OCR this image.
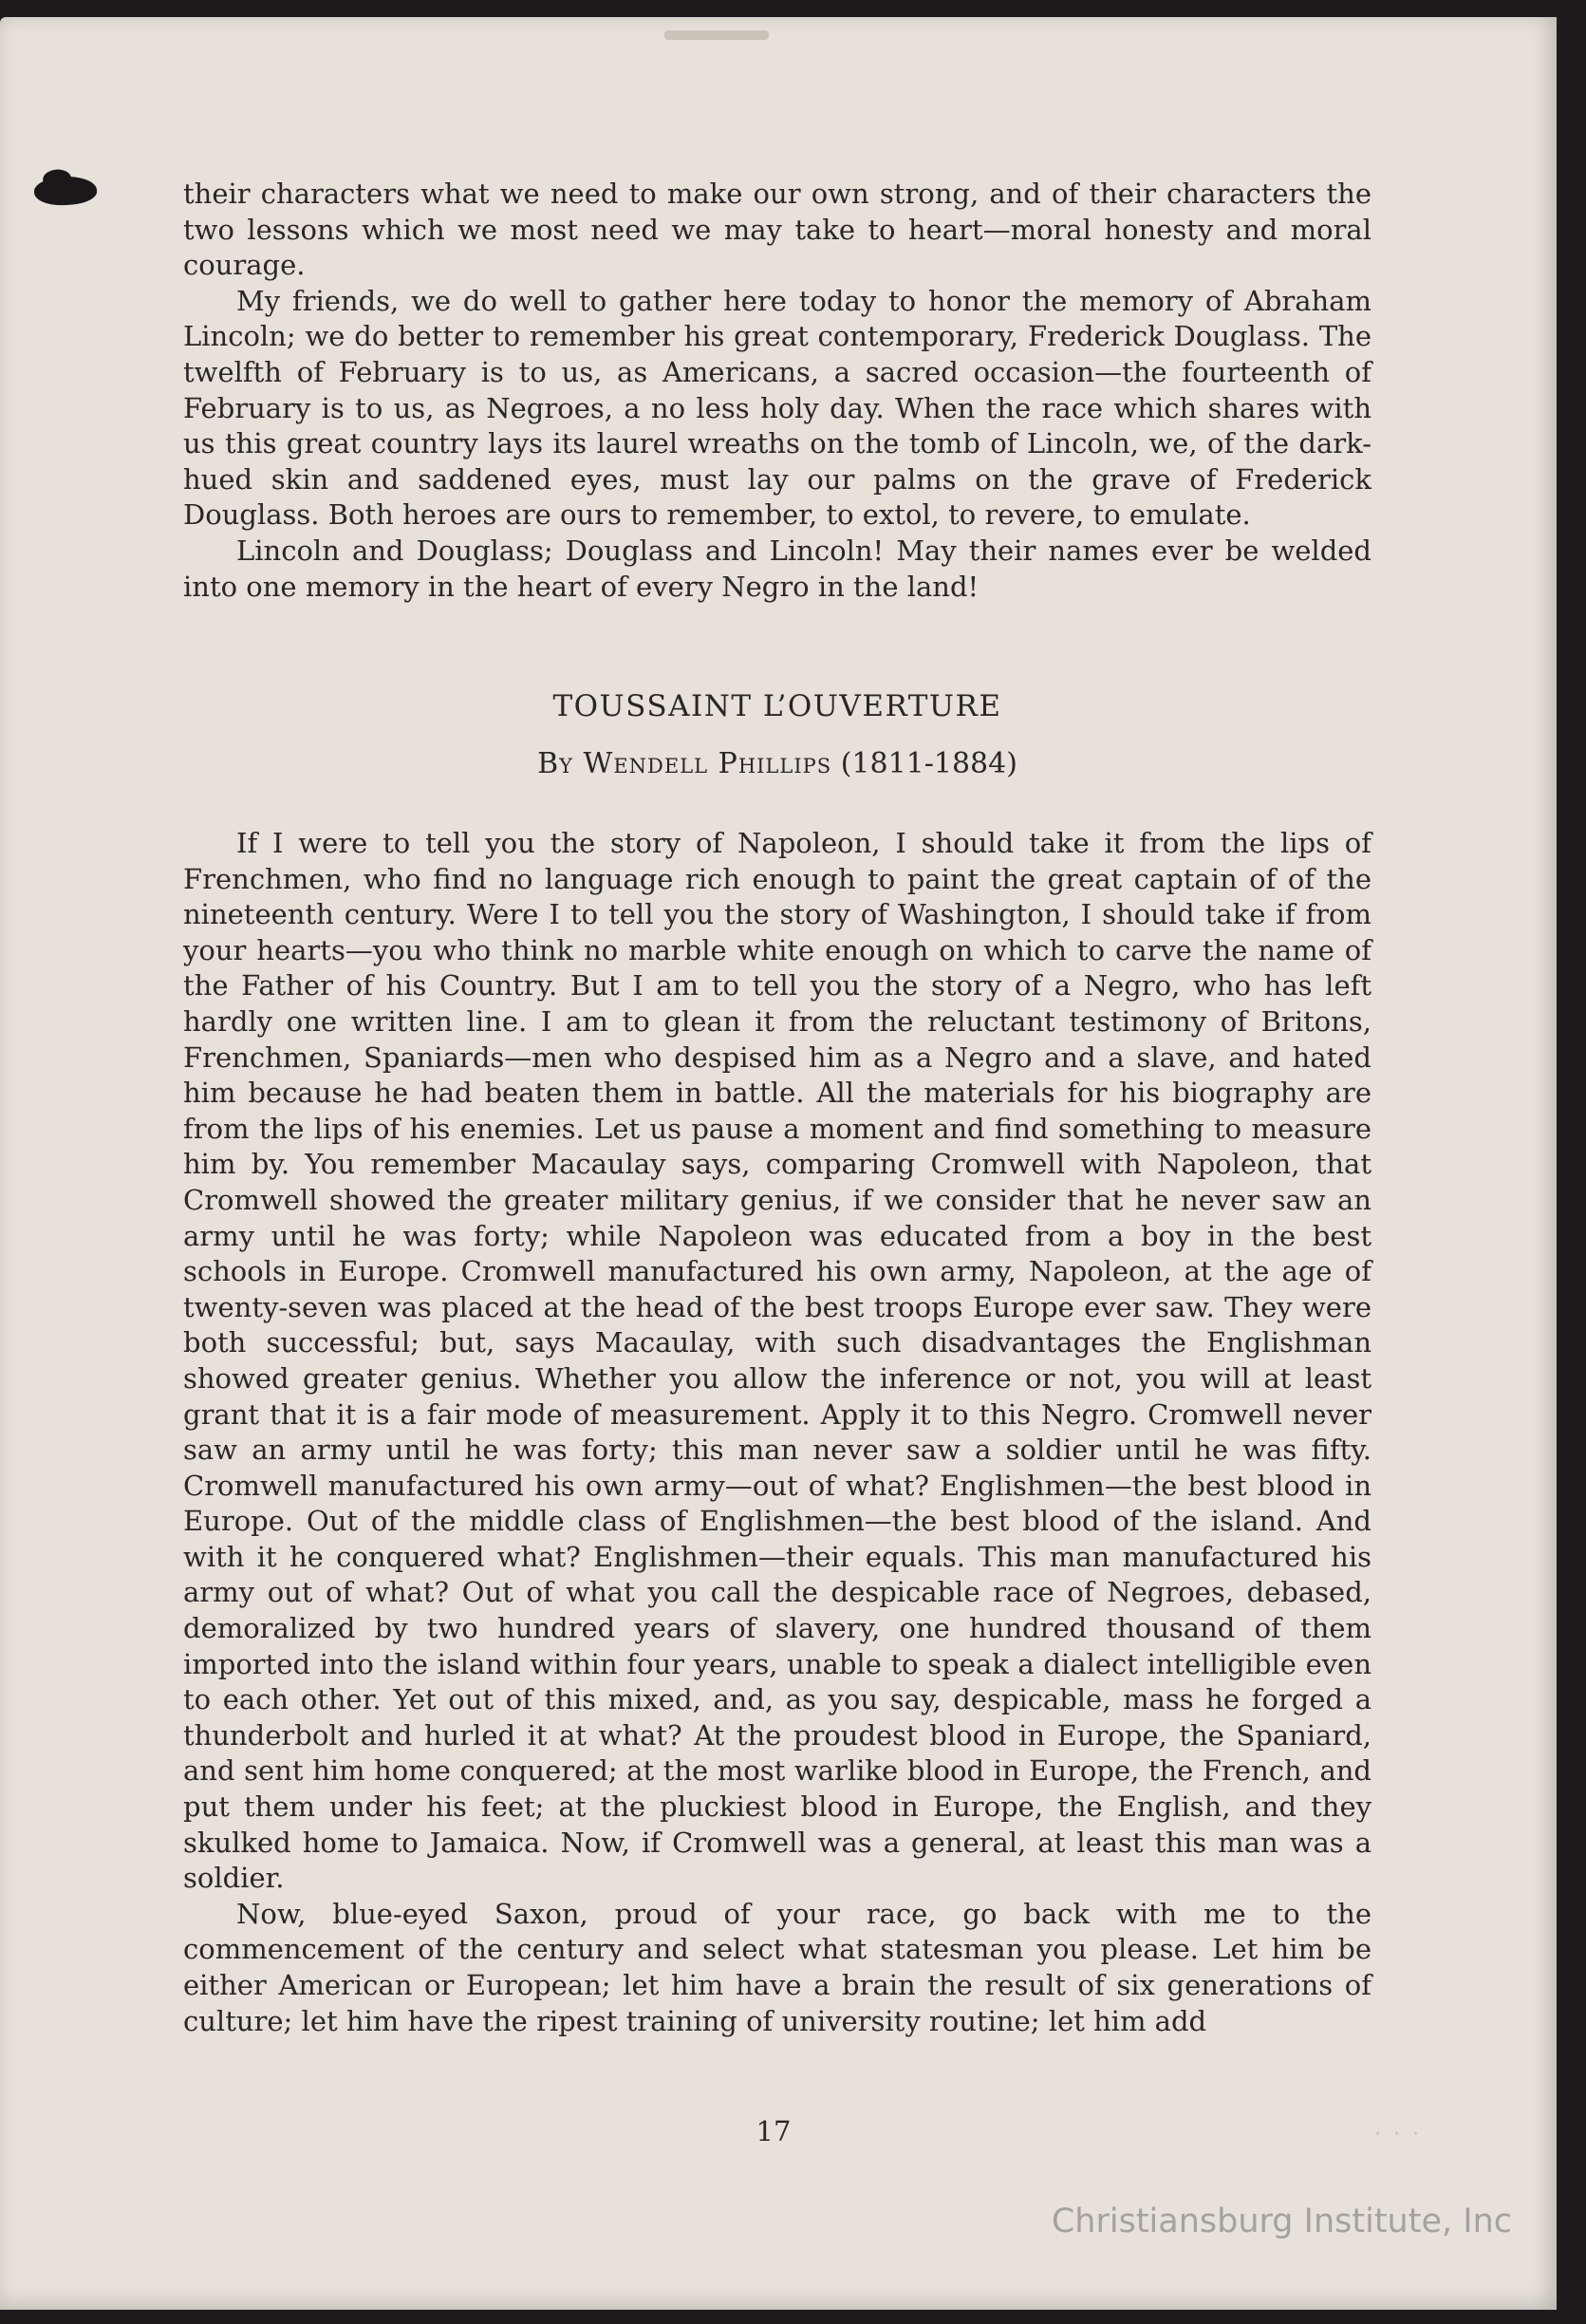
their characters what we need to make our own strong, and of their characters the two lessons which we most need we may take to heart—moral honesty and moral courage.

My friends, we do well to gather here today to honor the memory of Abraham Lincoln; we do better to remember his great contemporary, Frederick Douglass. The twelfth of February is to us, as Americans, a sacred occasion—the fourteenth of February is to us, as Negroes, a no less holy day. When the race which shares with us this great country lays its laurel wreaths on the tomb of Lincoln, we, of the dark-hued skin and saddened eyes, must lay our palms on the grave of Frederick Douglass. Both heroes are ours to remember, to extol, to revere, to emulate.

Lincoln and Douglass; Douglass and Lincoln! May their names ever be welded into one memory in the heart of every Negro in the land!

TOUSSAINT L’OUVERTURE
By Wendell Phillips (1811-1884)

If I were to tell you the story of Napoleon, I should take it from the lips of Frenchmen, who find no language rich enough to paint the great captain of of the nineteenth century. Were I to tell you the story of Washington, I should take if from your hearts—you who think no marble white enough on which to carve the name of the Father of his Country. But I am to tell you the story of a Negro, who has left hardly one written line. I am to glean it from the reluctant testimony of Britons, Frenchmen, Spaniards—men who despised him as a Negro and a slave, and hated him because he had beaten them in battle. All the materials for his biography are from the lips of his enemies. Let us pause a moment and find something to measure him by. You remember Macaulay says, comparing Cromwell with Napoleon, that Cromwell showed the greater military genius, if we consider that he never saw an army until he was forty; while Napoleon was educated from a boy in the best schools in Europe. Cromwell manufactured his own army, Napoleon, at the age of twenty-seven was placed at the head of the best troops Europe ever saw. They were both successful; but, says Macaulay, with such disadvantages the Englishman showed greater genius. Whether you allow the inference or not, you will at least grant that it is a fair mode of measurement. Apply it to this Negro. Cromwell never saw an army until he was forty; this man never saw a soldier until he was fifty. Cromwell manufactured his own army—out of what? Englishmen—the best blood in Europe. Out of the middle class of Englishmen—the best blood of the island. And with it he conquered what? Englishmen—their equals. This man manufactured his army out of what? Out of what you call the despicable race of Negroes, debased, demoralized by two hundred years of slavery, one hundred thousand of them imported into the island within four years, unable to speak a dialect intelligible even to each other. Yet out of this mixed, and, as you say, despicable, mass he forged a thunderbolt and hurled it at what? At the proudest blood in Europe, the Spaniard, and sent him home conquered; at the most warlike blood in Europe, the French, and put them under his feet; at the pluckiest blood in Europe, the English, and they skulked home to Jamaica. Now, if Cromwell was a general, at least this man was a soldier.

Now, blue-eyed Saxon, proud of your race, go back with me to the commencement of the century and select what statesman you please. Let him be either American or European; let him have a brain the result of six generations of culture; let him have the ripest training of university routine; let him add

17	· · ·
Christiansburg Institute, Inc
